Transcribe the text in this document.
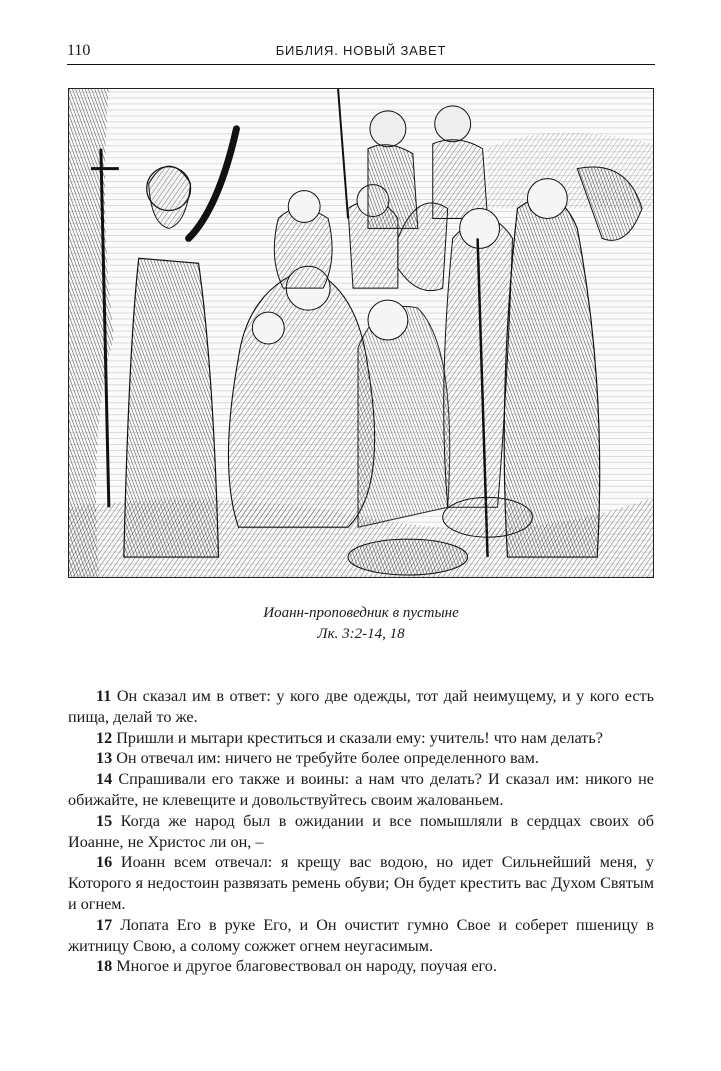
110	БИБЛИЯ. НОВЫЙ ЗАВЕТ
Иоанн-проповедник в пустыне
Лк. 3:2-14, 18

11 Он сказал им в ответ: у кого две одежды, тот дай неимущему, и у кого есть пища, делай то же.

12 Пришли и мытари креститься и сказали ему: учитель! что нам делать?

13 Он отвечал им: ничего не требуйте более определенного вам.

14 Спрашивали его также и воины: а нам что делать? И сказал им: никого не обижайте, не клевещите и довольствуйтесь своим жалованьем.

15 Когда же народ был в ожидании и все помышляли в сердцах своих об Иоанне, не Христос ли он, –

16 Иоанн всем отвечал: я крещу вас водою, но идет Сильнейший меня, у Которого я недостоин развязать ремень обуви; Он будет крестить вас Духом Святым и огнем.

17 Лопата Его в руке Его, и Он очистит гумно Свое и соберет пшеницу в житницу Свою, а солому сожжет огнем неугасимым.

18 Многое и другое благовествовал он народу, поучая его.
